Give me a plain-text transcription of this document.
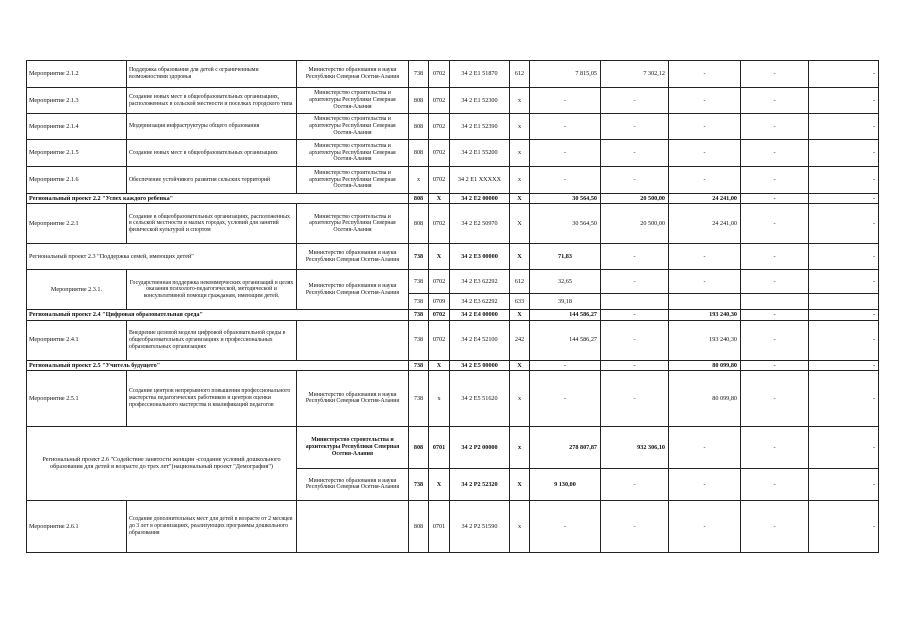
Мероприятие 2.1.2	Поддержка образования для детей с ограниченными возможностями здоровья	Министерство образования и науки Республики Северная Осетия-Алания	738	0702	34 2 Е1 51870	612	7 815,05	7 302,12	-	-	-
Мероприятие 2.1.3	Создание новых мест в общеобразовательных организациях, расположенных в сельской местности и поселках городского типа	Министерство строительства и архитектуры Республики Северная Осетия-Алания	808	0702	34 2 Е1 52300	х	-	-	-	-	-
Мероприятие 2.1.4	Модернизация инфраструктуры общего образования	Министерство строительства и архитектуры Республики Северная Осетия-Алания	808	0702	34 2 Е1 52390	х	-	-	-	-	-
Мероприятие 2.1.5	Создание новых мест в общеобразовательных организациях	Министерство строительства и архитектуры Республики Северная Осетия-Алания	808	0702	34 2 Е1 55200	х	-	-	-	-	-
Мероприятие 2.1.6	Обеспечение устойчивого развития сельских территорий	Министерство строительства и архитектуры Республики Северная Осетия-Алания	х	0702	34 2 Е1 ХХХХХ	х	-	-	-	-	-
Региональный проект 2.2 "Успех каждого ребенка"			808	Х	34 2 Е2 00000	Х	30 564,50	20 500,00	24 241,00	-	-
Мероприятие 2.2.1	Создание в общеобразовательных организациях, расположенных в сельской местности и малых городах, условий для занятий физической культурой и спортом	Министерство строительства и архитектуры Республики Северная Осетия-Алания	808	0702	34 2 Е2 50970	Х	30 564,50	20 500,00	24 241,00	-	-
Региональный проект 2.3 "Поддержка семей, имеющих детей"		Министерство образования и науки Республики Северная Осетия-Алания	738	Х	34 2 Е3 00000	Х	71,83	-	-	-	-
Мероприятие 2.3.1.	Государственная поддержка некоммерческих организаций в целях оказания психолого-педагогической, методической и консультативной помощи гражданам, имеющим детей.	Министерство образования и науки Республики Северная Осетия-Алания	738	0702	34 2 Е3 62292	612	32,65	-	-	-	-
			738	0709	34 2 Е3 62292	633	39,18				
Региональный проект 2.4 "Цифровая образовательная среда"			738	0702	34 2 Е4 00000	Х	144 586,27	-	193 240,30	-	-
Мероприятие 2.4.1	Внедрение целевой модели цифровой образовательной среды в общеобразовательных организациях и профессиональных образовательных организациях		738	0702	34 2 Е4 52100	242	144 586,27	-	193 240,30	-	-
Региональный проект 2.5 "Учитель будущего"			738	Х	34 2 Е5 00000	Х	-	-	80 099,80	-	-
Мероприятие 2.5.1	Создание центров непрерывного повышения профессионального мастерства педагогических работников и центров оценки профессионального мастерства и квалификаций педагогов	Министерство образования и науки Республики Северная Осетия-Алания	738	х	34 2 Е5 51620	х	-	-	80 099,80	-	-
Региональный проект 2.6 "Содействие занятости женщин -создание условий дошкольного образования для детей в возрасте до трех лет"(национальный проект "Демография")		Министерство строительства и архитектуры Республики Северная Осетия-Алания	808	0701	34 2 Р2 00000	х	278 807,87	932 306,10	-	-	-
		Министерство образования и науки Республики Северная Осетия-Алания	738	Х	34 2 Р2 52320	Х	9 130,00	-	-	-	-
Мероприятие 2.6.1	Создание дополнительных мест для детей в возрасте от 2 месяцев до 3 лет в организациях, реализующих программы дошкольного образования		808	0701	34 2 Р2 51590	х	-	-	-	-	-
